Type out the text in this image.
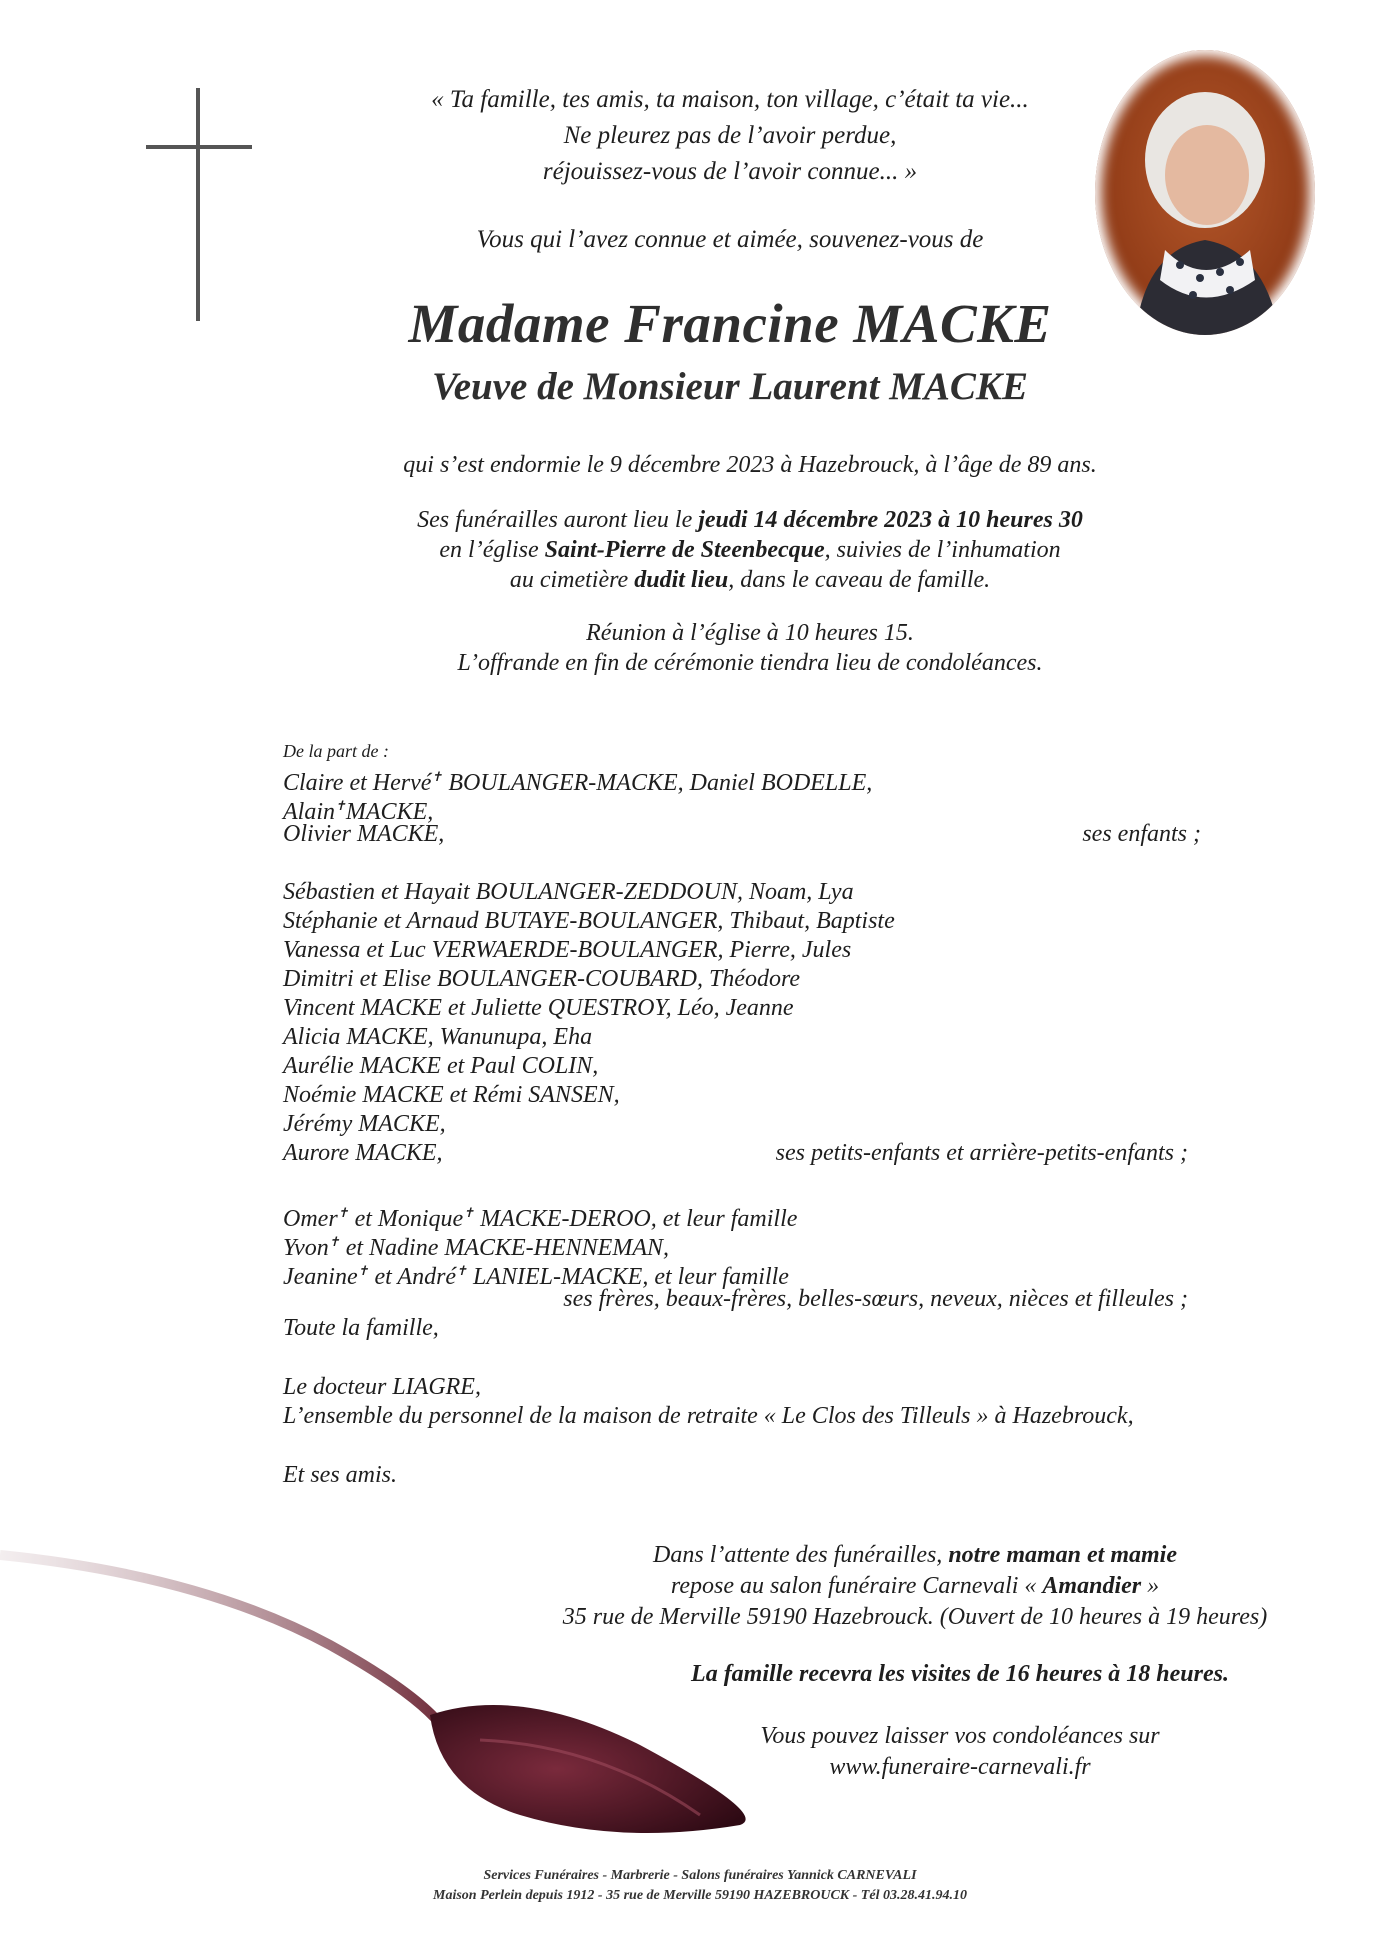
« Ta famille, tes amis, ta maison, ton village, c’était ta vie...
Ne pleurez pas de l’avoir perdue,
réjouissez-vous de l’avoir connue... »
Vous qui l’avez connue et aimée, souvenez-vous de
Madame Francine MACKE
Veuve de Monsieur Laurent MACKE
qui s’est endormie le 9 décembre 2023 à Hazebrouck, à l’âge de 89 ans.
Ses funérailles auront lieu le jeudi 14 décembre 2023 à 10 heures 30
en l’église Saint-Pierre de Steenbecque, suivies de l’inhumation
au cimetière dudit lieu, dans le caveau de famille.
Réunion à l’église à 10 heures 15.
L’offrande en fin de cérémonie tiendra lieu de condoléances.
De la part de :
Claire et Hervé✝ BOULANGER-MACKE, Daniel BODELLE,
Alain✝MACKE,
Olivier MACKE,	ses enfants ;
Sébastien et Hayait BOULANGER-ZEDDOUN, Noam, Lya
Stéphanie et Arnaud BUTAYE-BOULANGER, Thibaut, Baptiste
Vanessa et Luc VERWAERDE-BOULANGER, Pierre, Jules
Dimitri et Elise BOULANGER-COUBARD, Théodore
Vincent MACKE et Juliette QUESTROY, Léo, Jeanne
Alicia MACKE, Wanunupa, Eha
Aurélie MACKE et Paul COLIN,
Noémie MACKE et Rémi SANSEN,
Jérémy MACKE,
Aurore MACKE,	ses petits-enfants et arrière-petits-enfants ;
Omer✝ et Monique✝ MACKE-DEROO, et leur famille
Yvon✝ et Nadine MACKE-HENNEMAN,
Jeanine✝ et André✝ LANIEL-MACKE, et leur famille
ses frères, beaux-frères, belles-sœurs, neveux, nièces et filleules ;
Toute la famille,
Le docteur LIAGRE,
L’ensemble du personnel de la maison de retraite « Le Clos des Tilleuls » à Hazebrouck,
Et ses amis.
Dans l’attente des funérailles, notre maman et mamie
repose au salon funéraire Carnevali « Amandier »
35 rue de Merville 59190 Hazebrouck. (Ouvert de 10 heures à 19 heures)
La famille recevra les visites de 16 heures à 18 heures.
Vous pouvez laisser vos condoléances sur
www.funeraire-carnevali.fr
Services Funéraires - Marbrerie - Salons funéraires Yannick CARNEVALI
Maison Perlein depuis 1912 - 35 rue de Merville 59190 HAZEBROUCK - Tél 03.28.41.94.10
